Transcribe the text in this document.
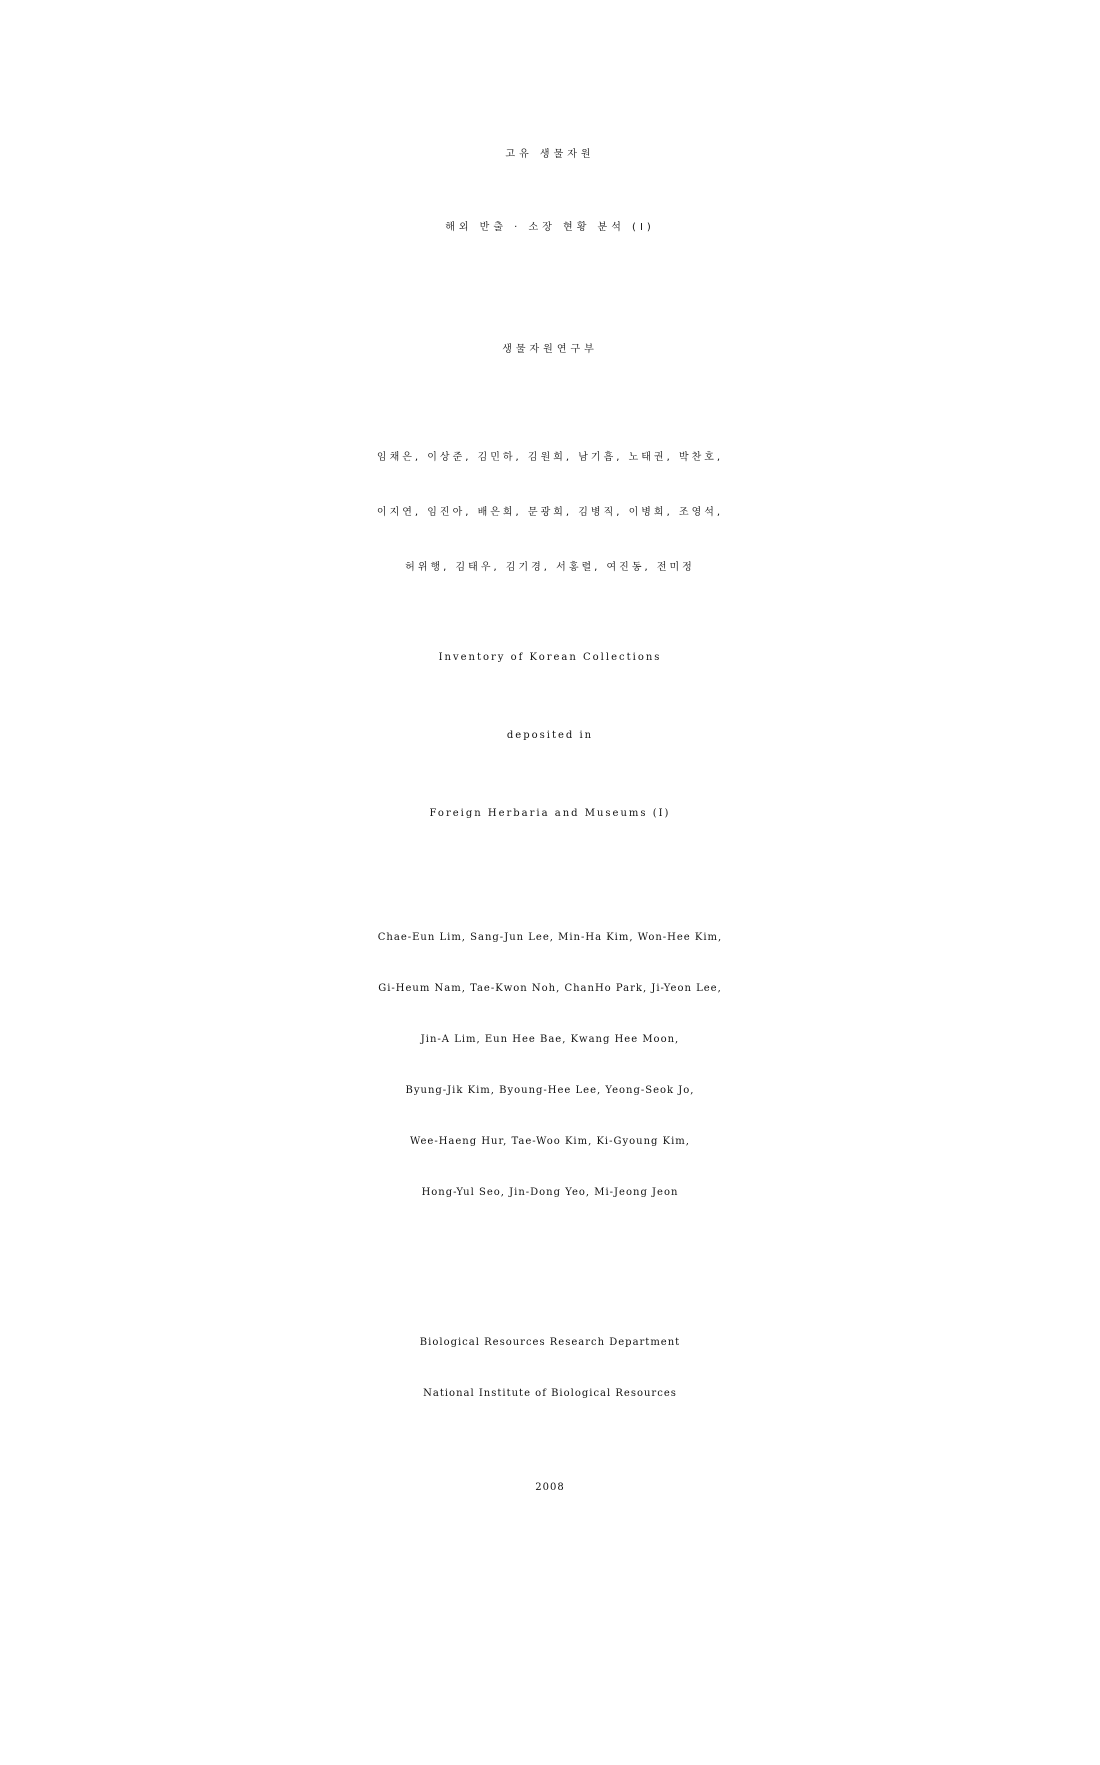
고유 생물자원
해외 반출 · 소장 현황 분석 (I)
생물자원연구부
임채은, 이상준, 김민하, 김원희, 남기흠, 노태권, 박찬호,
이지연, 임진아, 배은희, 문광희, 김병직, 이병희, 조영석,
허위행, 김태우, 김기경, 서홍렬, 여진동, 전미정
Inventory of Korean Collections
deposited in
Foreign Herbaria and Museums (I)
Chae-Eun Lim, Sang-Jun Lee, Min-Ha Kim, Won-Hee Kim,
Gi-Heum Nam, Tae-Kwon Noh, ChanHo Park, Ji-Yeon Lee,
Jin-A Lim, Eun Hee Bae, Kwang Hee Moon,
Byung-Jik Kim, Byoung-Hee Lee, Yeong-Seok Jo,
Wee-Haeng Hur, Tae-Woo Kim, Ki-Gyoung Kim,
Hong-Yul Seo, Jin-Dong Yeo, Mi-Jeong Jeon
Biological Resources Research Department
National Institute of Biological Resources
2008
